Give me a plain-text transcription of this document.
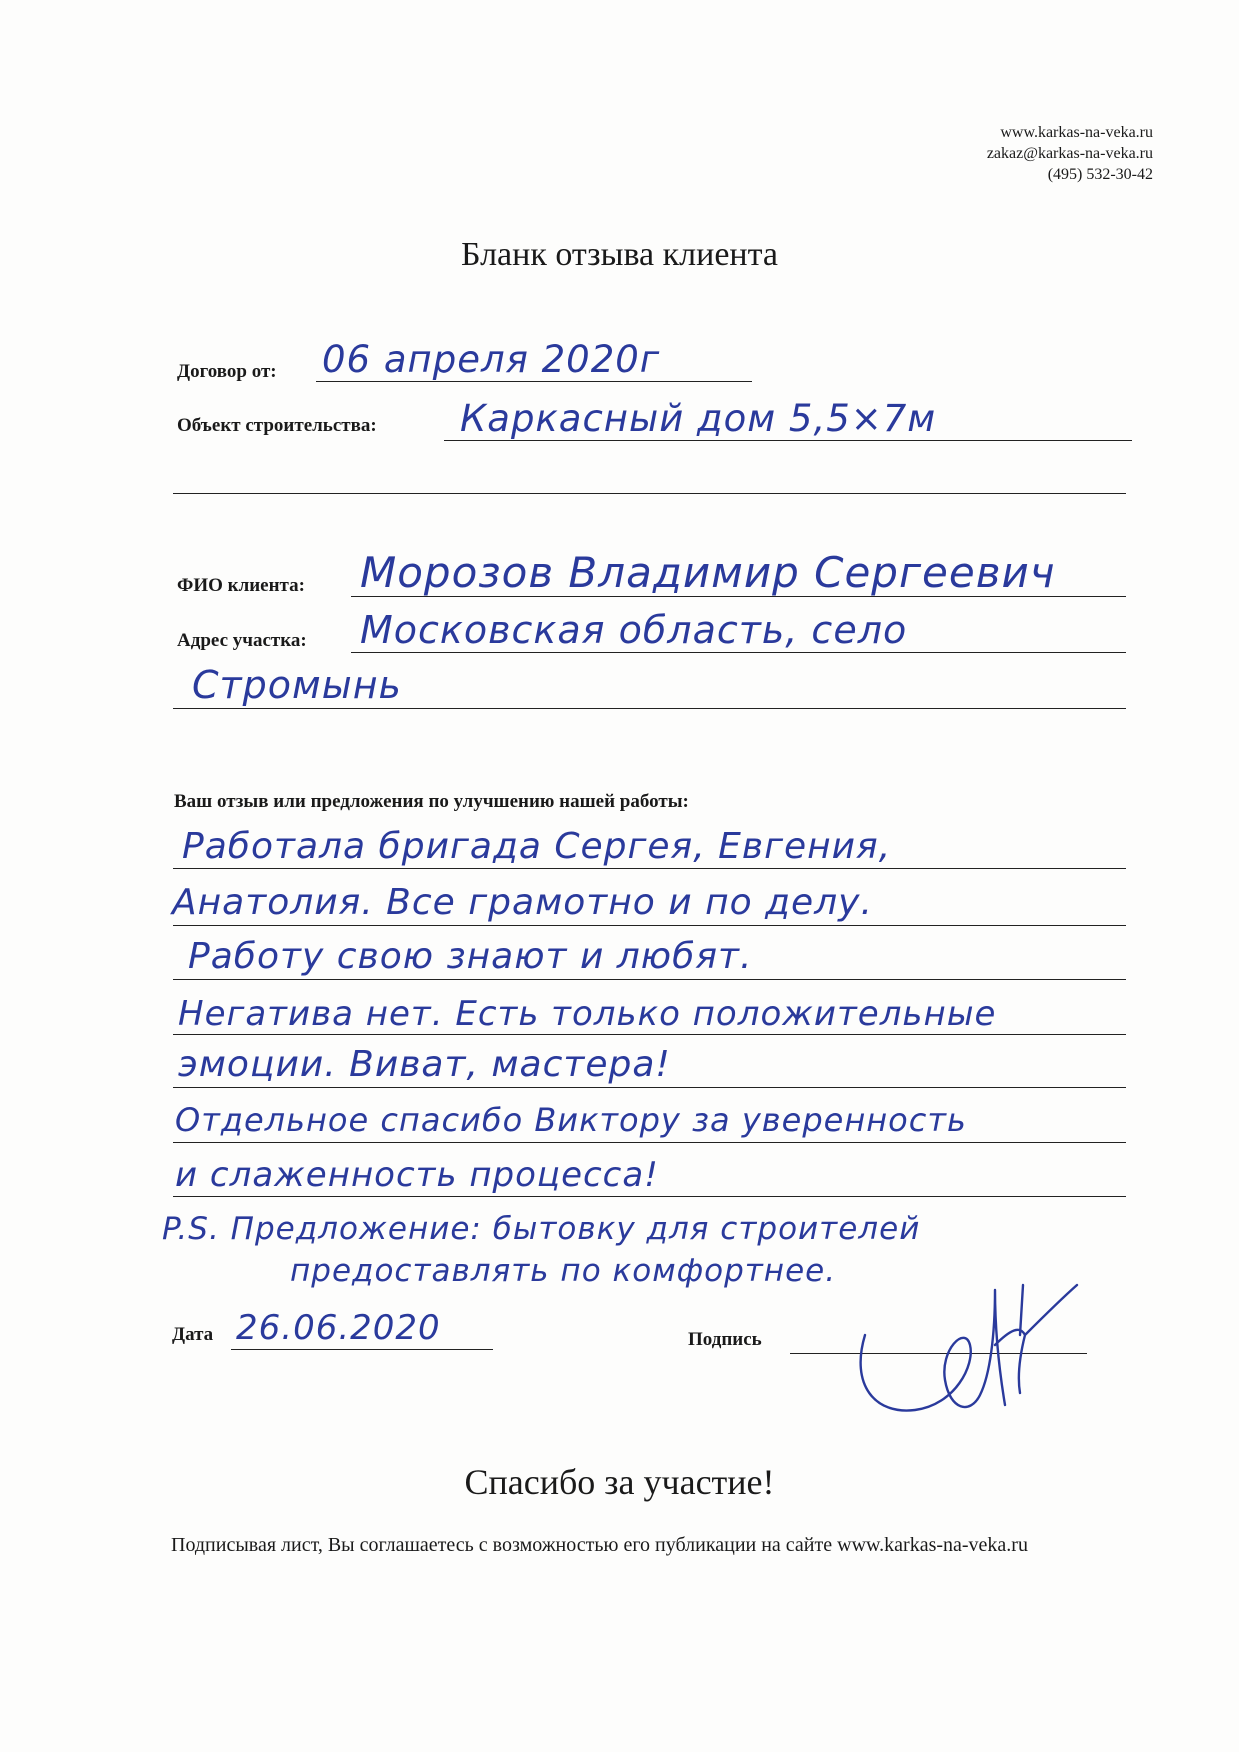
www.karkas-na-veka.ru
zakaz@karkas-na-veka.ru
(495) 532-30-42
Бланк отзыва клиента
Договор от: 06 апреля 2020г
Объект строительства: Каркасный дом 5,5×7м
ФИО клиента: Морозов Владимир Сергеевич
Адрес участка: Московская область, село
Стромынь
Ваш отзыв или предложения по улучшению нашей работы:
Работала бригада Сергея, Евгения,
Анатолия. Все грамотно и по делу.
Работу свою знают и любят.
Негатива нет. Есть только положительные
эмоции. Виват, мастера!
Отдельное спасибо Виктору за уверенность
и слаженность процесса!
P.S. Предложение: бытовку для строителей
предоставлять по комфортнее.
Дата 26.06.2020	Подпись
Спасибо за участие!
Подписывая лист, Вы соглашаетесь с возможностью его публикации на сайте www.karkas-na-veka.ru
